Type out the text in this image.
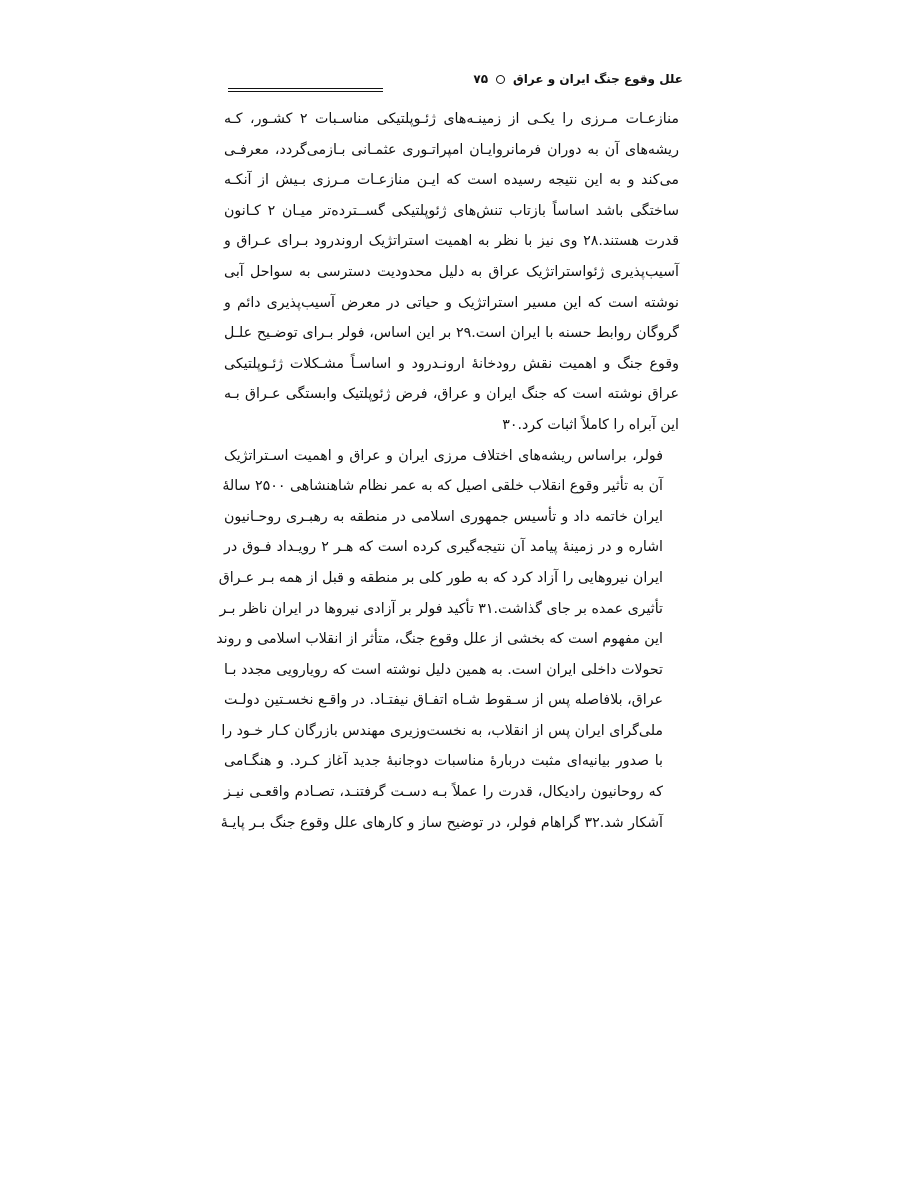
علل وقوع جنگ ایران و عراق
۷۵

منازعـات مـرزی را یکـی از زمینـه‌های ژئـوپلتیکی مناسـبات ۲ کشـور، کـه
ریشه‌های آن به دوران فرمانروایـان امپراتـوری عثمـانی بـازمی‌گردد، معرفـی
می‌کند و به این نتیجه رسیده است که ایـن منازعـات مـرزی بـیش از آنکـه
ساختگی باشد اساساً بازتاب تنش‌های ژئوپلتیکی گســترده‌تر میـان ۲ کـانون
قدرت هستند.۲۸ وی نیز با نظر به اهمیت استراتژیک اروندرود بـرای عـراق و
آسیب‌پذیری ژئواستراتژیک عراق به دلیل محدودیت دسترسی به سواحل آبی
نوشته است که این مسیر استراتژیک و حیاتی در معرض آسیب‌پذیری دائم و
گروگان روابط حسنه با ایران است.۲۹ بر این اساس، فولر بـرای توضـیح علـل
وقوع جنگ و اهمیت نقش رودخانهٔ ارونـدرود و اساسـاً مشـکلات ژئـوپلتیکی
عراق نوشته است که جنگ ایران و عراق، فرض ژئوپلتیک وابستگی عـراق بـه
این آبراه را کاملاً اثبات کرد.۳۰

فولر، براساس ریشه‌های اختلاف مرزی ایران و عراق و اهمیت اسـتراتژیک
آن به تأثیر وقوع انقلاب خلقی اصیل که به عمر نظام شاهنشاهی ۲۵۰۰ سالهٔ
ایران خاتمه داد و تأسیس جمهوری اسلامی در منطقه به رهبـری روحـانیون
اشاره و در زمینهٔ پیامد آن نتیجه‌گیری کرده است که هـر ۲ رویـداد فـوق در
ایران نیروهایی را آزاد کرد که به طور کلی بر منطقه و قبل از همه بـر عـراق
تأثیری عمده بر جای گذاشت.۳۱ تأکید فولر بر آزادی نیروها در ایران ناظر بـر
این مفهوم است که بخشی از علل وقوع جنگ، متأثر از انقلاب اسلامی و روند
تحولات داخلی ایران است. به همین دلیل نوشته است که رویارویی مجدد بـا
عراق، بلافاصله پس از سـقوط شـاه اتفـاق نیفتـاد. در واقـع نخسـتین دولـت
ملی‌گرای ایران پس از انقلاب، به نخست‌وزیری مهندس بازرگان کـار خـود را
با صدور بیانیه‌ای مثبت دربارهٔ مناسبات دوجانبهٔ جدید آغاز کـرد. و هنگـامی
که روحانیون رادیکال، قدرت را عملاً بـه دسـت گرفتنـد، تصـادم واقعـی نیـز
آشکار شد.۳۲ گراهام فولر، در توضیح ساز و کارهای علل وقوع جنگ بـر پایـهٔ
